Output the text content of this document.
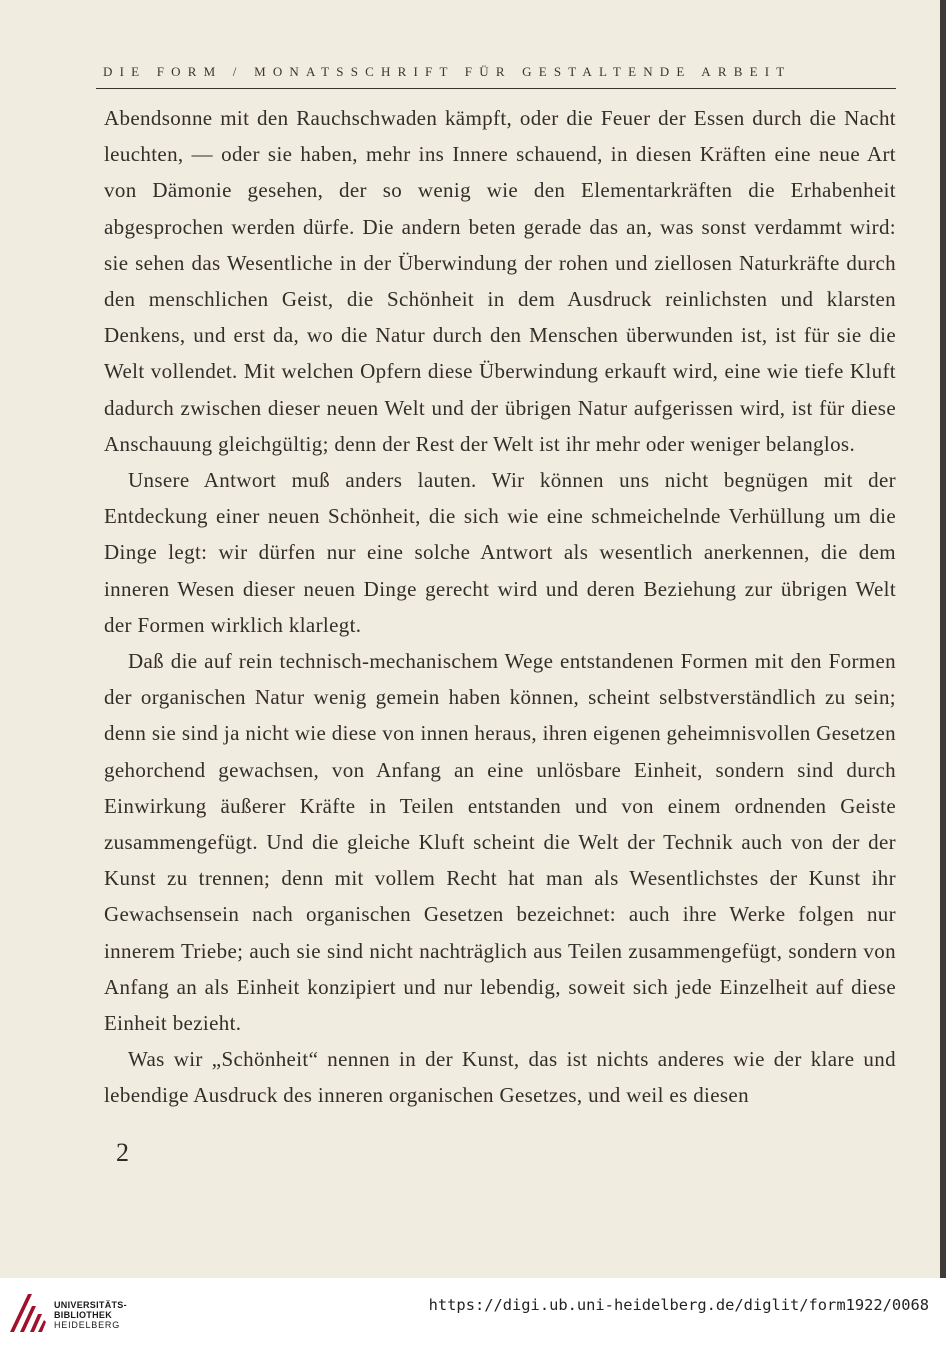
DIE FORM / MONATSSCHRIFT FÜR GESTALTENDE ARBEIT

Abendsonne mit den Rauchschwaden kämpft, oder die Feuer der Essen durch die Nacht leuchten, — oder sie haben, mehr ins Innere schauend, in diesen Kräften eine neue Art von Dämonie gesehen, der so wenig wie den Elementarkräften die Erhabenheit abgesprochen werden dürfe. Die andern beten gerade das an, was sonst verdammt wird: sie sehen das Wesentliche in der Überwindung der rohen und ziellosen Naturkräfte durch den menschlichen Geist, die Schönheit in dem Ausdruck reinlichsten und klarsten Denkens, und erst da, wo die Natur durch den Menschen überwunden ist, ist für sie die Welt vollendet. Mit welchen Opfern diese Überwindung erkauft wird, eine wie tiefe Kluft dadurch zwischen dieser neuen Welt und der übrigen Natur aufgerissen wird, ist für diese Anschauung gleichgültig; denn der Rest der Welt ist ihr mehr oder weniger belanglos.

Unsere Antwort muß anders lauten. Wir können uns nicht begnügen mit der Entdeckung einer neuen Schönheit, die sich wie eine schmeichelnde Verhüllung um die Dinge legt: wir dürfen nur eine solche Antwort als wesentlich anerkennen, die dem inneren Wesen dieser neuen Dinge gerecht wird und deren Beziehung zur übrigen Welt der Formen wirklich klarlegt.

Daß die auf rein technisch-mechanischem Wege entstandenen Formen mit den Formen der organischen Natur wenig gemein haben können, scheint selbstverständlich zu sein; denn sie sind ja nicht wie diese von innen heraus, ihren eigenen geheimnisvollen Gesetzen gehorchend gewachsen, von Anfang an eine unlösbare Einheit, sondern sind durch Einwirkung äußerer Kräfte in Teilen entstanden und von einem ordnenden Geiste zusammengefügt. Und die gleiche Kluft scheint die Welt der Technik auch von der der Kunst zu trennen; denn mit vollem Recht hat man als Wesentlichstes der Kunst ihr Gewachsensein nach organischen Gesetzen bezeichnet: auch ihre Werke folgen nur innerem Triebe; auch sie sind nicht nachträglich aus Teilen zusammengefügt, sondern von Anfang an als Einheit konzipiert und nur lebendig, soweit sich jede Einzelheit auf diese Einheit bezieht.

Was wir „Schönheit“ nennen in der Kunst, das ist nichts anderes wie der klare und lebendige Ausdruck des inneren organischen Gesetzes, und weil es diesen

2
UNIVERSITÄTS-
BIBLIOTHEK
HEIDELBERG
https://digi.ub.uni-heidelberg.de/diglit/form1922/0068
